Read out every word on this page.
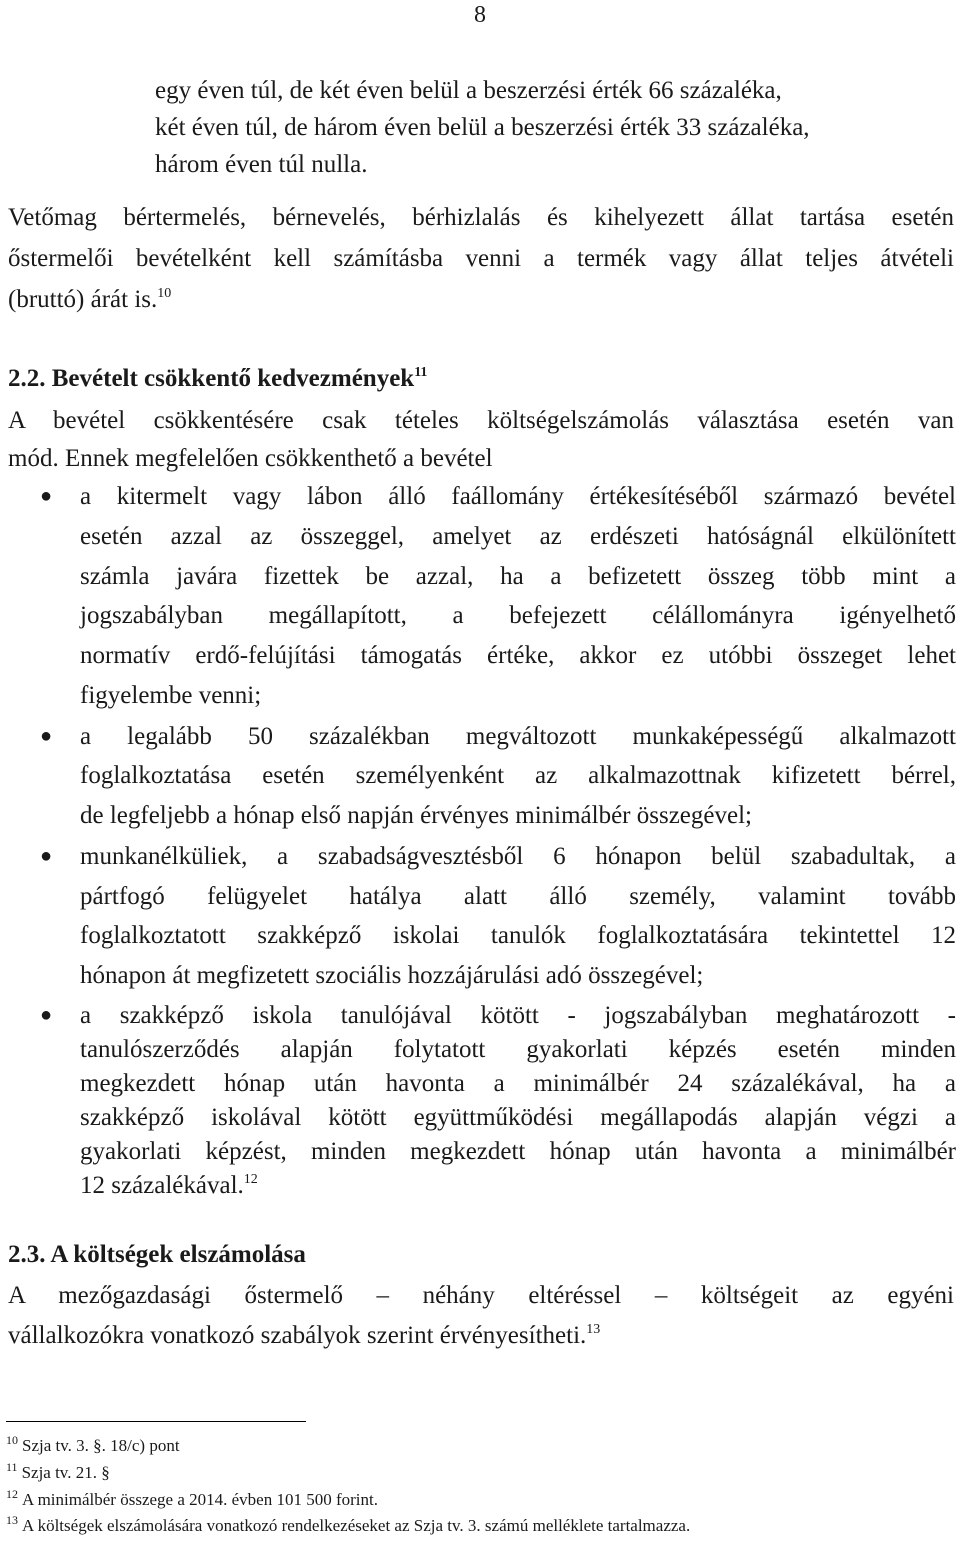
8
egy éven túl, de két éven belül a beszerzési érték 66 százaléka,
két éven túl, de három éven belül a beszerzési érték 33 százaléka,
három éven túl nulla.
Vetőmag bértermelés, bérnevelés, bérhizlalás és kihelyezett állat tartása esetén
őstermelői bevételként kell számításba venni a termék vagy állat teljes átvételi
(bruttó) árát is.$^{10}$
2.2. Bevételt csökkentő kedvezmények$^{11}$
A bevétel csökkentésére csak tételes költségelszámolás választása esetén van
mód. Ennek megfelelően csökkenthető a bevétel
● a kitermelt vagy lábon álló faállomány értékesítéséből származó bevétel
esetén azzal az összeggel, amelyet az erdészeti hatóságnál elkülönített
számla javára fizettek be azzal, ha a befizetett összeg több mint a
jogszabályban megállapított, a befejezett célállományra igényelhető
normatív erdő-felújítási támogatás értéke, akkor ez utóbbi összeget lehet
figyelembe venni;
● a legalább 50 százalékban megváltozott munkaképességű alkalmazott
foglalkoztatása esetén személyenként az alkalmazottnak kifizetett bérrel,
de legfeljebb a hónap első napján érvényes minimálbér összegével;
● munkanélküliek, a szabadságvesztésből 6 hónapon belül szabadultak, a
pártfogó felügyelet hatálya alatt álló személy, valamint tovább
foglalkoztatott szakképző iskolai tanulók foglalkoztatására tekintettel 12
hónapon át megfizetett szociális hozzájárulási adó összegével;
● a szakképző iskola tanulójával kötött - jogszabályban meghatározott -
tanulószerződés alapján folytatott gyakorlati képzés esetén minden
megkezdett hónap után havonta a minimálbér 24 százalékával, ha a
szakképző iskolával kötött együttműködési megállapodás alapján végzi a
gyakorlati képzést, minden megkezdett hónap után havonta a minimálbér
12 százalékával.$^{12}$
2.3. A költségek elszámolása
A mezőgazdasági őstermelő – néhány eltéréssel – költségeit az egyéni
vállalkozókra vonatkozó szabályok szerint érvényesítheti.$^{13}$
$^{10}$ Szja tv. 3. §. 18/c) pont
$^{11}$ Szja tv. 21. §
$^{12}$ A minimálbér összege a 2014. évben 101 500 forint.
$^{13}$ A költségek elszámolására vonatkozó rendelkezéseket az Szja tv. 3. számú melléklete tartalmazza.
